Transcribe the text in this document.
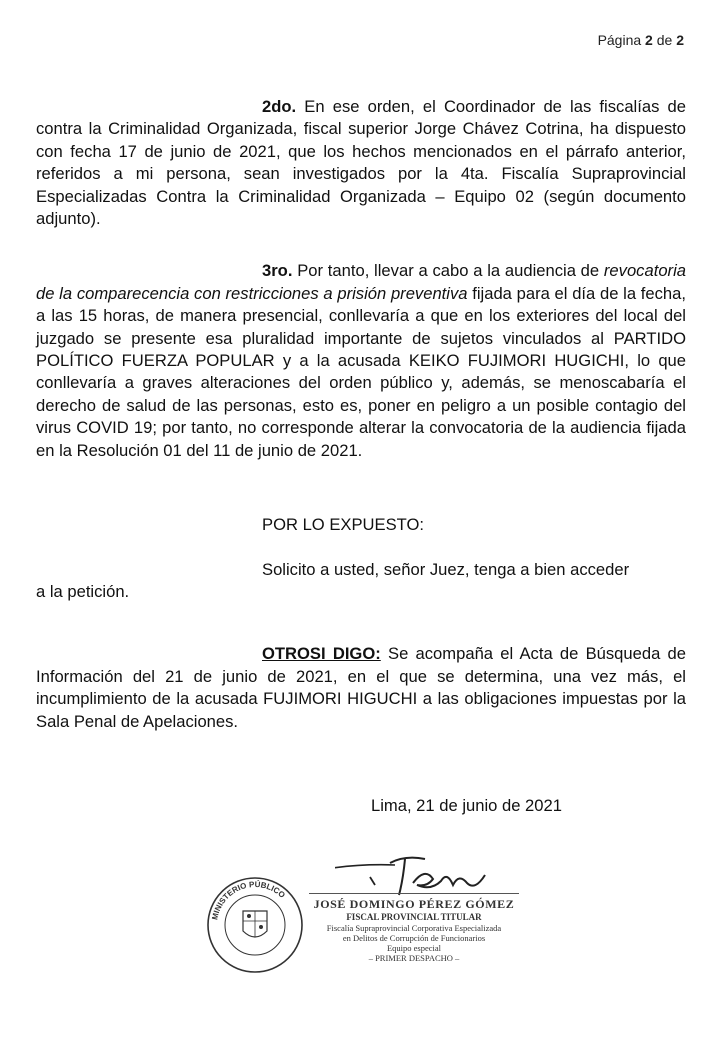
Página 2 de 2

2do. En ese orden, el Coordinador de las fiscalías de contra la Criminalidad Organizada, fiscal superior Jorge Chávez Cotrina, ha dispuesto con fecha 17 de junio de 2021, que los hechos mencionados en el párrafo anterior, referidos a mi persona, sean investigados por la 4ta. Fiscalía Supraprovincial Especializadas Contra la Criminalidad Organizada – Equipo 02 (según documento adjunto).

3ro. Por tanto, llevar a cabo a la audiencia de revocatoria de la comparecencia con restricciones a prisión preventiva fijada para el día de la fecha, a las 15 horas, de manera presencial, conllevaría a que en los exteriores del local del juzgado se presente esa pluralidad importante de sujetos vinculados al PARTIDO POLÍTICO FUERZA POPULAR y a la acusada KEIKO FUJIMORI HUGICHI, lo que conllevaría a graves alteraciones del orden público y, además, se menoscabaría el derecho de salud de las personas, esto es, poner en peligro a un posible contagio del virus COVID 19; por tanto, no corresponde alterar la convocatoria de la audiencia fijada en la Resolución 01 del 11 de junio de 2021.

POR LO EXPUESTO:

Solicito a usted, señor Juez, tenga a bien acceder

a la petición.

OTROSI DIGO: Se acompaña el Acta de Búsqueda de Información del 21 de junio de 2021, en el que se determina, una vez más, el incumplimiento de la acusada FUJIMORI HIGUCHI a las obligaciones impuestas por la Sala Penal de Apelaciones.

Lima, 21 de junio de 2021
MINISTERIO PÚBLICO
JOSÉ DOMINGO PÉREZ GÓMEZ
FISCAL PROVINCIAL TITULAR
Fiscalía Supraprovincial Corporativa Especializada
en Delitos de Corrupción de Funcionarios
Equipo especial
– PRIMER DESPACHO –
